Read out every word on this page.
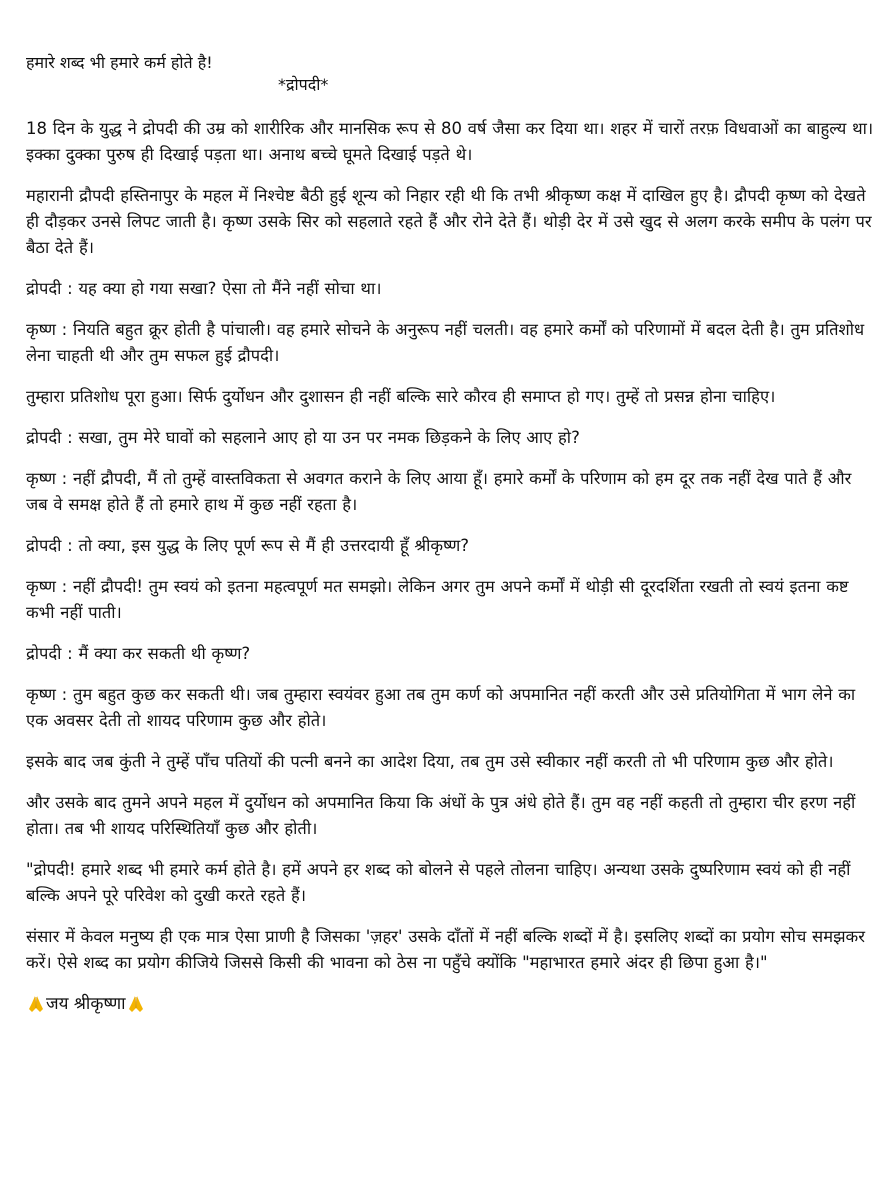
हमारे शब्द भी हमारे कर्म होते है!

*द्रोपदी*

18 दिन के युद्ध ने द्रोपदी की उम्र को शारीरिक और मानसिक रूप से 80 वर्ष जैसा कर दिया था। शहर में चारों तरफ़ विधवाओं का बाहुल्य था। इक्का दुक्का पुरुष ही दिखाई पड़ता था। अनाथ बच्चे घूमते दिखाई पड़ते थे।

महारानी द्रौपदी हस्तिनापुर के महल में निश्चेष्ट बैठी हुई शून्य को निहार रही थी कि तभी श्रीकृष्ण कक्ष में दाखिल हुए है। द्रौपदी कृष्ण को देखते ही दौड़कर उनसे लिपट जाती है। कृष्ण उसके सिर को सहलाते रहते हैं और रोने देते हैं। थोड़ी देर में उसे खुद से अलग करके समीप के पलंग पर बैठा देते हैं।

द्रोपदी : यह क्या हो गया सखा? ऐसा तो मैंने नहीं सोचा था।

कृष्ण : नियति बहुत क्रूर होती है पांचाली। वह हमारे सोचने के अनुरूप नहीं चलती। वह हमारे कर्मों को परिणामों में बदल देती है। तुम प्रतिशोध लेना चाहती थी और तुम सफल हुई द्रौपदी।

तुम्हारा प्रतिशोध पूरा हुआ। सिर्फ दुर्योधन और दुशासन ही नहीं बल्कि सारे कौरव ही समाप्त हो गए। तुम्हें तो प्रसन्न होना चाहिए।

द्रोपदी : सखा, तुम मेरे घावों को सहलाने आए हो या उन पर नमक छिड़कने के लिए आए हो?

कृष्ण : नहीं द्रौपदी, मैं तो तुम्हें वास्तविकता से अवगत कराने के लिए आया हूँ। हमारे कर्मों के परिणाम को हम दूर तक नहीं देख पाते हैं और जब वे समक्ष होते हैं तो हमारे हाथ में कुछ नहीं रहता है।

द्रोपदी : तो क्या, इस युद्ध के लिए पूर्ण रूप से मैं ही उत्तरदायी हूँ श्रीकृष्ण?

कृष्ण : नहीं द्रौपदी! तुम स्वयं को इतना महत्वपूर्ण मत समझो। लेकिन अगर तुम अपने कर्मों में थोड़ी सी दूरदर्शिता रखती तो स्वयं इतना कष्ट कभी नहीं पाती।

द्रोपदी : मैं क्या कर सकती थी कृष्ण?

कृष्ण : तुम बहुत कुछ कर सकती थी। जब तुम्हारा स्वयंवर हुआ तब तुम कर्ण को अपमानित नहीं करती और उसे प्रतियोगिता में भाग लेने का एक अवसर देती तो शायद परिणाम कुछ और होते।

इसके बाद जब कुंती ने तुम्हें पाँच पतियों की पत्नी बनने का आदेश दिया, तब तुम उसे स्वीकार नहीं करती तो भी परिणाम कुछ और होते।

और उसके बाद तुमने अपने महल में दुर्योधन को अपमानित किया कि अंधों के पुत्र अंधे होते हैं। तुम वह नहीं कहती तो तुम्हारा चीर हरण नहीं होता। तब भी शायद परिस्थितियाँ कुछ और होती।

"द्रोपदी! हमारे शब्द भी हमारे कर्म होते है। हमें अपने हर शब्द को बोलने से पहले तोलना चाहिए। अन्यथा उसके दुष्परिणाम स्वयं को ही नहीं बल्कि अपने पूरे परिवेश को दुखी करते रहते हैं।

संसार में केवल मनुष्य ही एक मात्र ऐसा प्राणी है जिसका 'ज़हर' उसके दाँतों में नहीं बल्कि शब्दों में है। इसलिए शब्दों का प्रयोग सोच समझकर करें। ऐसे शब्द का प्रयोग कीजिये जिससे किसी की भावना को ठेस ना पहुँचे क्योंकि "महाभारत हमारे अंदर ही छिपा हुआ है।"

जय श्रीकृष्णा
